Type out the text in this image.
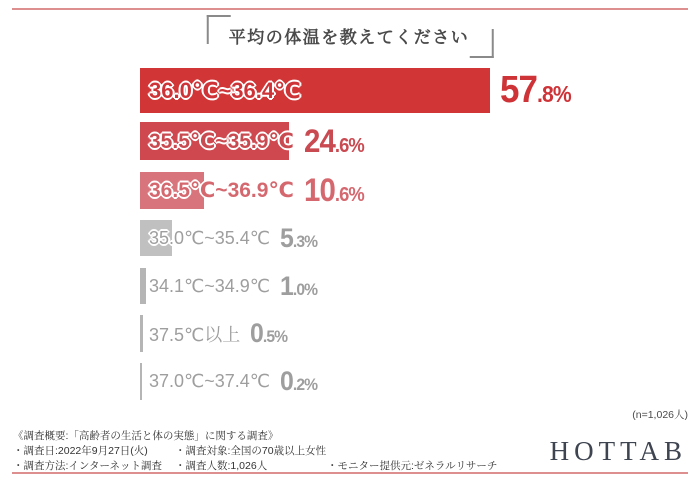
平均の体温を教えてください
36.0℃~36.4℃	57 .8%
35.5℃~35.9℃ 24 .6%
36.5℃~36.9℃ 10 .6%
35.0℃~35.4℃ 5 .3%
34.1℃~34.9℃ 1 .0%
37.5℃以上 0 .5%
37.0℃~37.4℃ 0 .2%
(n=1,026人)
《調査概要:「高齢者の生活と体の実態」に関する調査》
・調査日:2022年9月27日(火)	・調査対象:全国の70歳以上女性
・調査方法:インターネット調査	・調査人数:1,026人	・モニター提供元:ゼネラルリサーチ
HOTTAB
